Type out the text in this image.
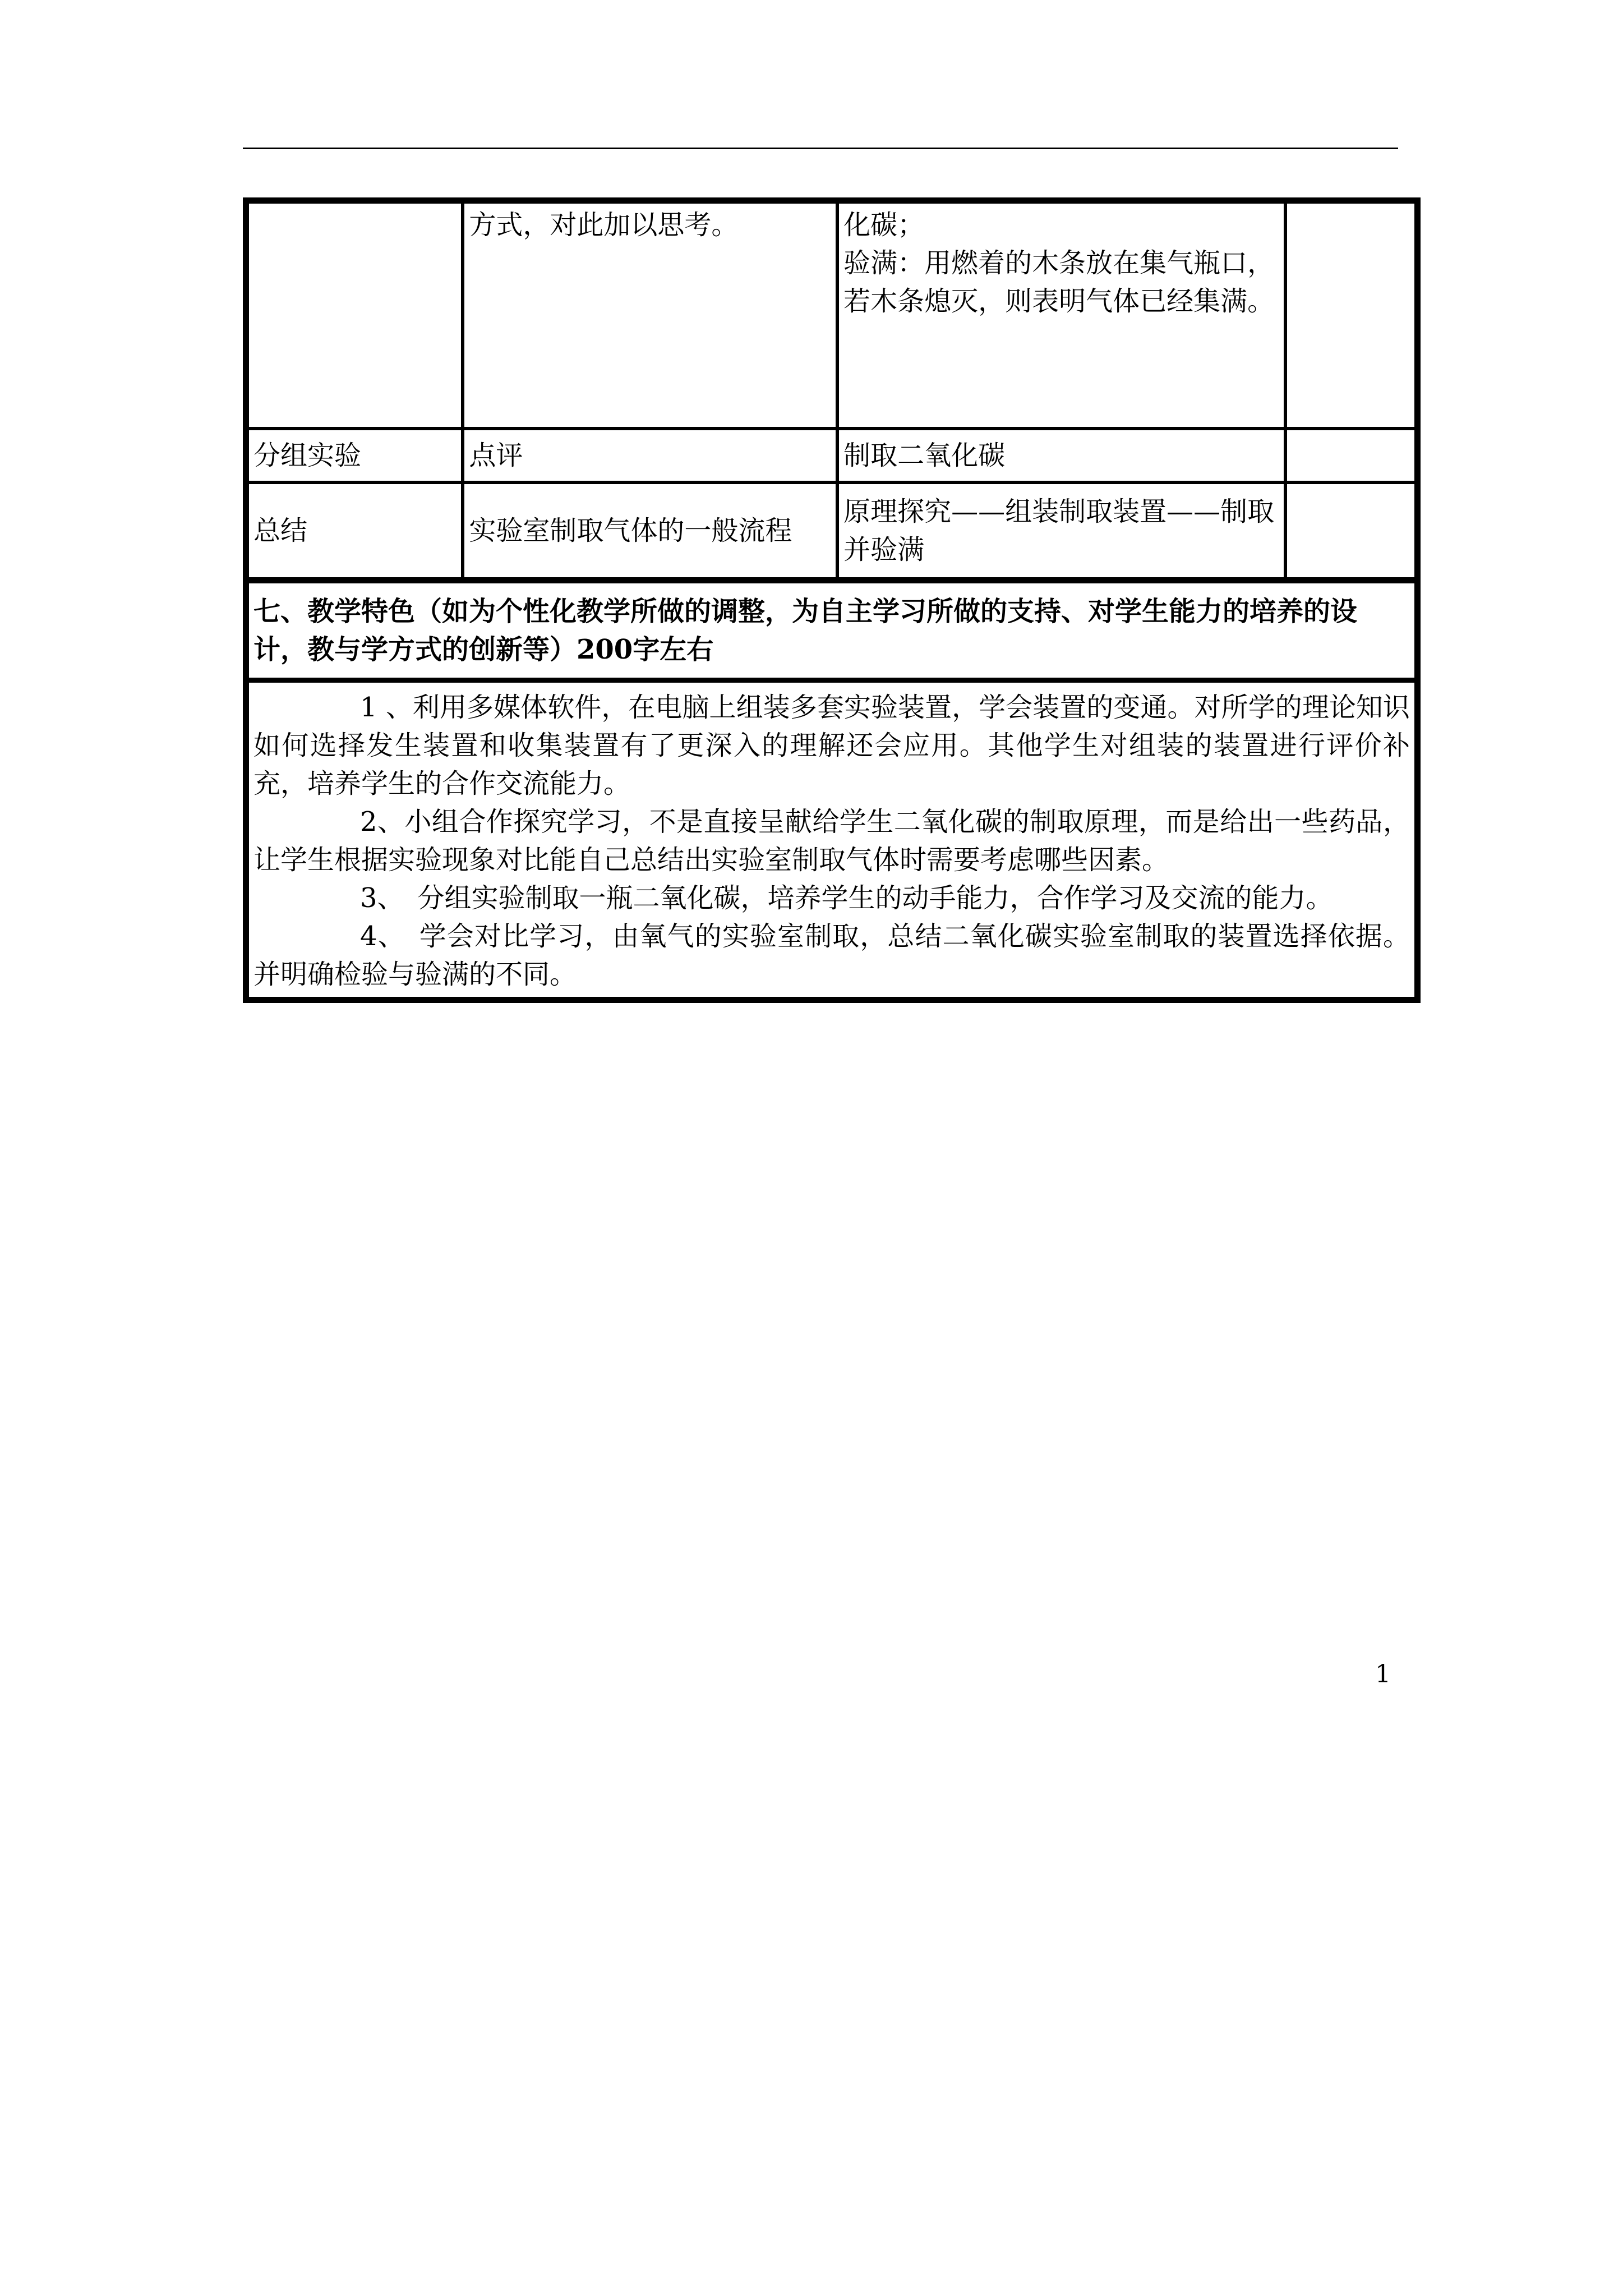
	方式，对此加以思考。	化碳；
验满：用燃着的木条放在集气瓶口，
若木条熄灭，则表明气体已经集满。	

分组实验	点评	制取二氧化碳	
总结	实验室制取气体的一般流程	原理探究——组装制取装置——制取并验满	
七、教学特色（如为个性化教学所做的调整，为自主学习所做的支持、对学生能力的培养的设计，教与学方式的创新等）200字左右			

1 、利用多媒体软件，在电脑上组装多套实验装置，学会装置的变通。对所学的理论知识如何选择发生装置和收集装置有了更深入的理解还会应用。其他学生对组装的装置进行评价补充，培养学生的合作交流能力。

2、小组合作探究学习，不是直接呈献给学生二氧化碳的制取原理，而是给出一些药品，让学生根据实验现象对比能自己总结出实验室制取气体时需要考虑哪些因素。

3、　分组实验制取一瓶二氧化碳，培养学生的动手能力，合作学习及交流的能力。

4、　学会对比学习，由氧气的实验室制取，总结二氧化碳实验室制取的装置选择依据。并明确检验与验满的不同。			

1
